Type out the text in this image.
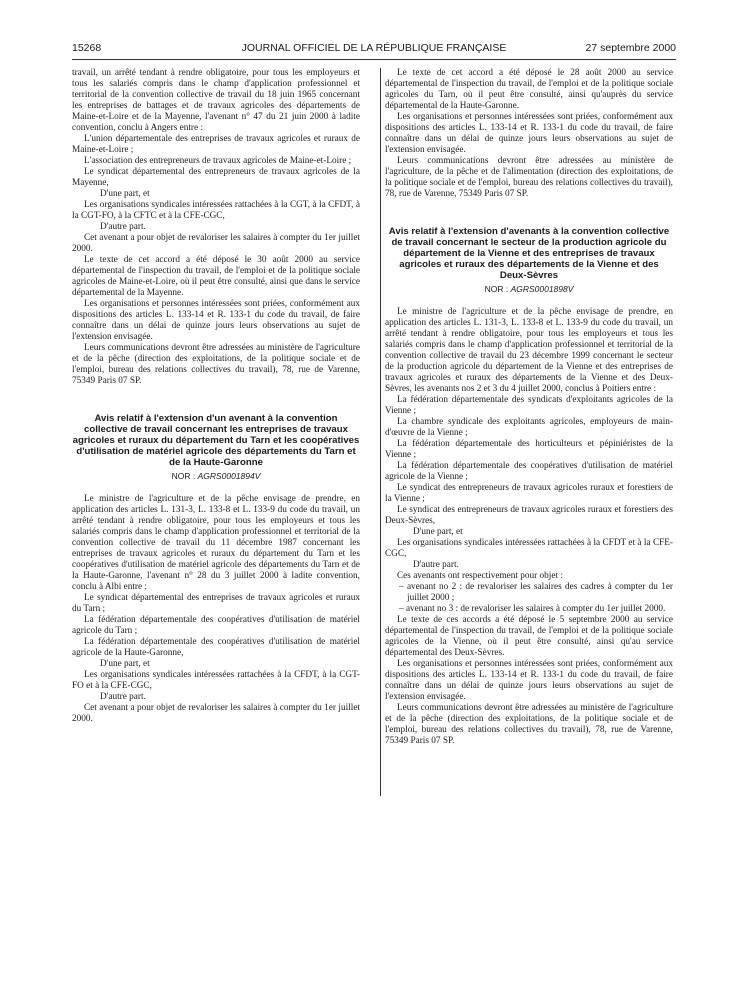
15268	JOURNAL OFFICIEL DE LA RÉPUBLIQUE FRANÇAISE	27 septembre 2000

travail, un arrêté tendant à rendre obligatoire, pour tous les employeurs et tous les salariés compris dans le champ d'application professionnel et territorial de la convention collective de travail du 18 juin 1965 concernant les entreprises de battages et de travaux agricoles des départements de Maine-et-Loire et de la Mayenne, l'avenant n° 47 du 21 juin 2000 à ladite convention, conclu à Angers entre :

L'union départementale des entreprises de travaux agricoles et ruraux de Maine-et-Loire ;

L'association des entrepreneurs de travaux agricoles de Maine-et-Loire ;

Le syndicat départemental des entrepreneurs de travaux agricoles de la Mayenne,

D'une part, et

Les organisations syndicales intéressées rattachées à la CGT, à la CFDT, à la CGT-FO, à la CFTC et à la CFE-CGC,

D'autre part.

Cet avenant a pour objet de revaloriser les salaires à compter du 1er juillet 2000.

Le texte de cet accord a été déposé le 30 août 2000 au service départemental de l'inspection du travail, de l'emploi et de la politique sociale agricoles de Maine-et-Loire, où il peut être consulté, ainsi que dans le service départemental de la Mayenne.

Les organisations et personnes intéressées sont priées, conformément aux dispositions des articles L. 133-14 et R. 133-1 du code du travail, de faire connaître dans un délai de quinze jours leurs observations au sujet de l'extension envisagée.

Leurs communications devront être adressées au ministère de l'agriculture et de la pêche (direction des exploitations, de la politique sociale et de l'emploi, bureau des relations collectives du travail), 78, rue de Varenne, 75349 Paris 07 SP.

Avis relatif à l'extension d'un avenant à la convention collective de travail concernant les entreprises de travaux agricoles et ruraux du département du Tarn et les coopératives d'utilisation de matériel agricole des départements du Tarn et de la Haute-Garonne
NOR : AGRS0001894V

Le ministre de l'agriculture et de la pêche envisage de prendre, en application des articles L. 131-3, L. 133-8 et L. 133-9 du code du travail, un arrêté tendant à rendre obligatoire, pour tous les employeurs et tous les salariés compris dans le champ d'application professionnel et territorial de la convention collective de travail du 11 décembre 1987 concernant les entreprises de travaux agricoles et ruraux du département du Tarn et les coopératives d'utilisation de matériel agricole des départements du Tarn et de la Haute-Garonne, l'avenant n° 28 du 3 juillet 2000 à ladite convention, conclu à Albi entre :

Le syndicat départemental des entreprises de travaux agricoles et ruraux du Tarn ;

La fédération départementale des coopératives d'utilisation de matériel agricole du Tarn ;

La fédération départementale des coopératives d'utilisation de matériel agricole de la Haute-Garonne,

D'une part, et

Les organisations syndicales intéressées rattachées à la CFDT, à la CGT-FO et à la CFE-CGC,

D'autre part.

Cet avenant a pour objet de revaloriser les salaires à compter du 1er juillet 2000.

Le texte de cet accord a été déposé le 28 août 2000 au service départemental de l'inspection du travail, de l'emploi et de la politique sociale agricoles du Tarn, où il peut être consulté, ainsi qu'auprès du service départemental de la Haute-Garonne.

Les organisations et personnes intéressées sont priées, conformément aux dispositions des articles L. 133-14 et R. 133-1 du code du travail, de faire connaître dans un délai de quinze jours leurs observations au sujet de l'extension envisagée.

Leurs communications devront être adressées au ministère de l'agriculture, de la pêche et de l'alimentation (direction des exploitations, de la politique sociale et de l'emploi, bureau des relations collectives du travail), 78, rue de Varenne, 75349 Paris 07 SP.

Avis relatif à l'extension d'avenants à la convention collective de travail concernant le secteur de la production agricole du département de la Vienne et des entreprises de travaux agricoles et ruraux des départements de la Vienne et des Deux-Sèvres
NOR : AGRS0001898V

Le ministre de l'agriculture et de la pêche envisage de prendre, en application des articles L. 131-3, L. 133-8 et L. 133-9 du code du travail, un arrêté tendant à rendre obligatoire, pour tous les employeurs et tous les salariés compris dans le champ d'application professionnel et territorial de la convention collective de travail du 23 décembre 1999 concernant le secteur de la production agricole du département de la Vienne et des entreprises de travaux agricoles et ruraux des départements de la Vienne et des Deux-Sèvres, les avenants nos 2 et 3 du 4 juillet 2000, conclus à Poitiers entre :

La fédération départementale des syndicats d'exploitants agricoles de la Vienne ;

La chambre syndicale des exploitants agricoles, employeurs de main-d'œuvre de la Vienne ;

La fédération départementale des horticulteurs et pépiniéristes de la Vienne ;

La fédération départementale des coopératives d'utilisation de matériel agricole de la Vienne ;

Le syndicat des entrepreneurs de travaux agricoles ruraux et forestiers de la Vienne ;

Le syndicat des entrepreneurs de travaux agricoles ruraux et forestiers des Deux-Sèvres,

D'une part, et

Les organisations syndicales intéressées rattachées à la CFDT et à la CFE-CGC,

D'autre part.

Ces avenants ont respectivement pour objet :

– avenant no 2 : de revaloriser les salaires des cadres à compter du 1er juillet 2000 ;

– avenant no 3 : de revaloriser les salaires à compter du 1er juillet 2000.

Le texte de ces accords a été déposé le 5 septembre 2000 au service départemental de l'inspection du travail, de l'emploi et de la politique sociale agricoles de la Vienne, où il peut être consulté, ainsi qu'au service départemental des Deux-Sèvres.

Les organisations et personnes intéressées sont priées, conformément aux dispositions des articles L. 133-14 et R. 133-1 du code du travail, de faire connaître dans un délai de quinze jours leurs observations au sujet de l'extension envisagée.

Leurs communications devront être adressées au ministère de l'agriculture et de la pêche (direction des exploitations, de la politique sociale et de l'emploi, bureau des relations collectives du travail), 78, rue de Varenne, 75349 Paris 07 SP.
